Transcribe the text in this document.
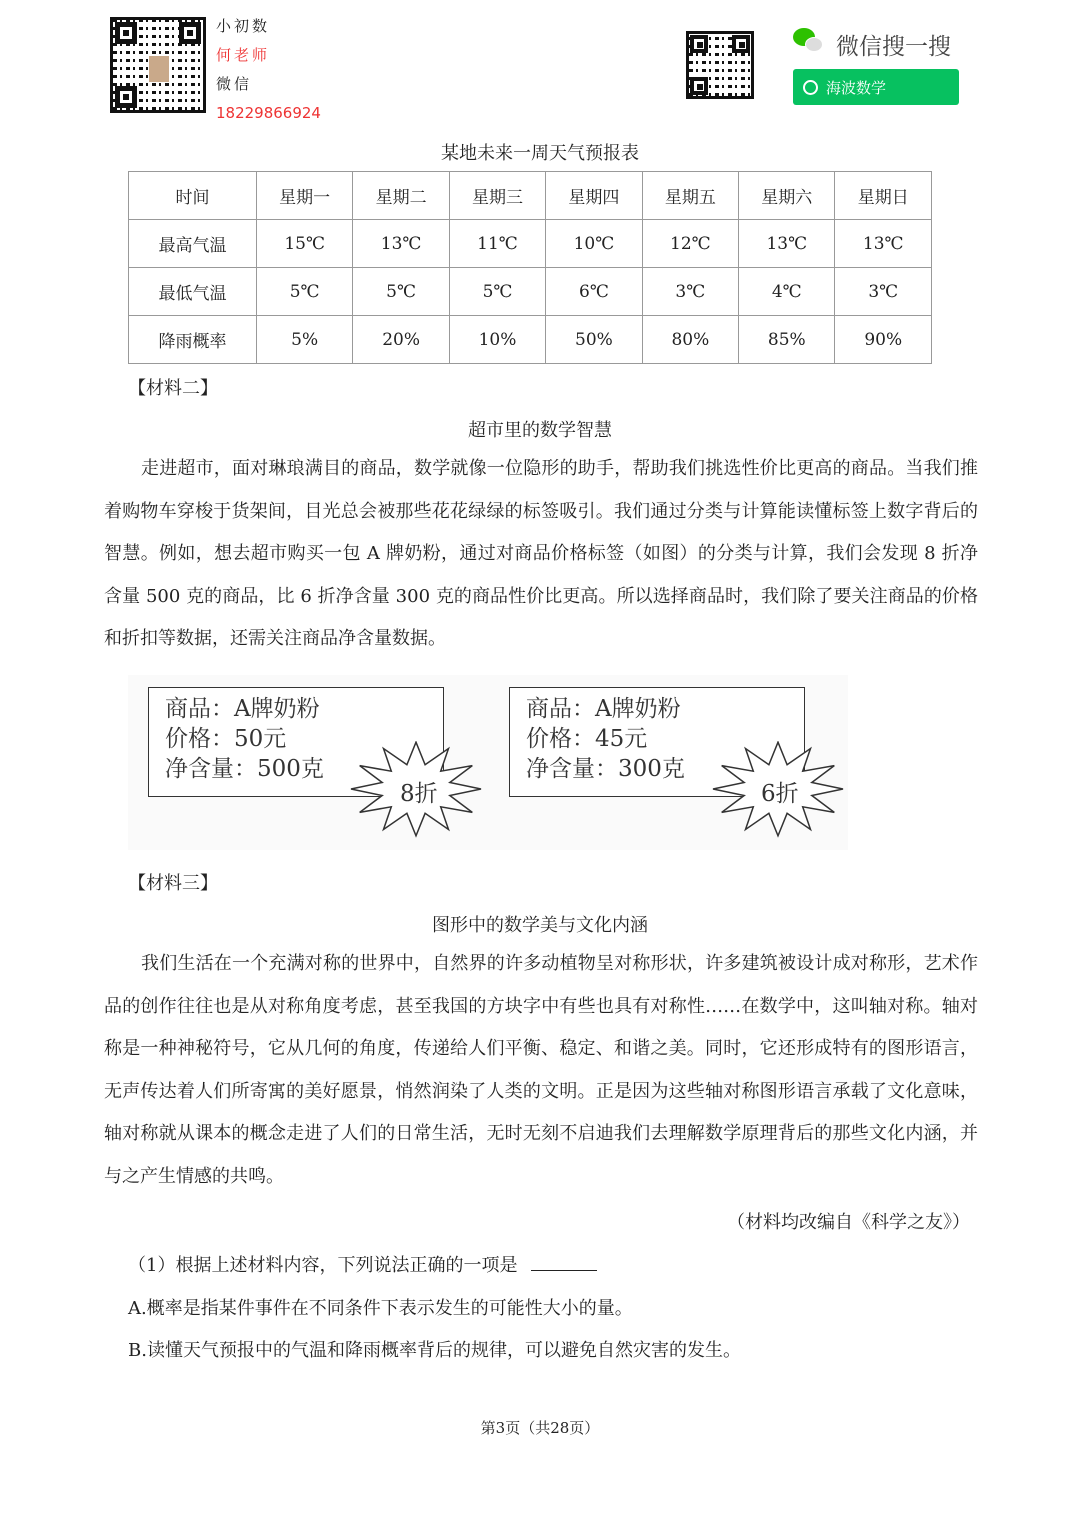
小初数
何老师
微信
18229866924
微信搜一搜
海波数学
某地未来一周天气预报表
时间	星期一	星期二	星期三	星期四	星期五	星期六	星期日
最高气温	15℃	13℃	11℃	10℃	12℃	13℃	13℃
最低气温	5℃	5℃	5℃	6℃	3℃	4℃	3℃
降雨概率	5%	20%	10%	50%	80%	85%	90%
【材料二】
超市里的数学智慧
走进超市，面对琳琅满目的商品，数学就像一位隐形的助手，帮助我们挑选性价比更高的商品。当我们推着购物车穿梭于货架间，目光总会被那些花花绿绿的标签吸引。我们通过分类与计算能读懂标签上数字背后的智慧。例如，想去超市购买一包 A 牌奶粉，通过对商品价格标签（如图）的分类与计算，我们会发现 8 折净含量 500 克的商品，比 6 折净含量 300 克的商品性价比更高。所以选择商品时，我们除了要关注商品的价格和折扣等数据，还需关注商品净含量数据。
商品：A牌奶粉
价格：50元
净含量：500克
8折
商品：A牌奶粉
价格：45元
净含量：300克
6折
【材料三】
图形中的数学美与文化内涵
我们生活在一个充满对称的世界中，自然界的许多动植物呈对称形状，许多建筑被设计成对称形，艺术作品的创作往往也是从对称角度考虑，甚至我国的方块字中有些也具有对称性……在数学中，这叫轴对称。轴对称是一种神秘符号，它从几何的角度，传递给人们平衡、稳定、和谐之美。同时，它还形成特有的图形语言，无声传达着人们所寄寓的美好愿景，悄然润染了人类的文明。正是因为这些轴对称图形语言承载了文化意味，轴对称就从课本的概念走进了人们的日常生活，无时无刻不启迪我们去理解数学原理背后的那些文化内涵，并与之产生情感的共鸣。
（材料均改编自《科学之友》）
（1）根据上述材料内容，下列说法正确的一项是
A.概率是指某件事件在不同条件下表示发生的可能性大小的量。
B.读懂天气预报中的气温和降雨概率背后的规律，可以避免自然灾害的发生。
第3页（共28页）
